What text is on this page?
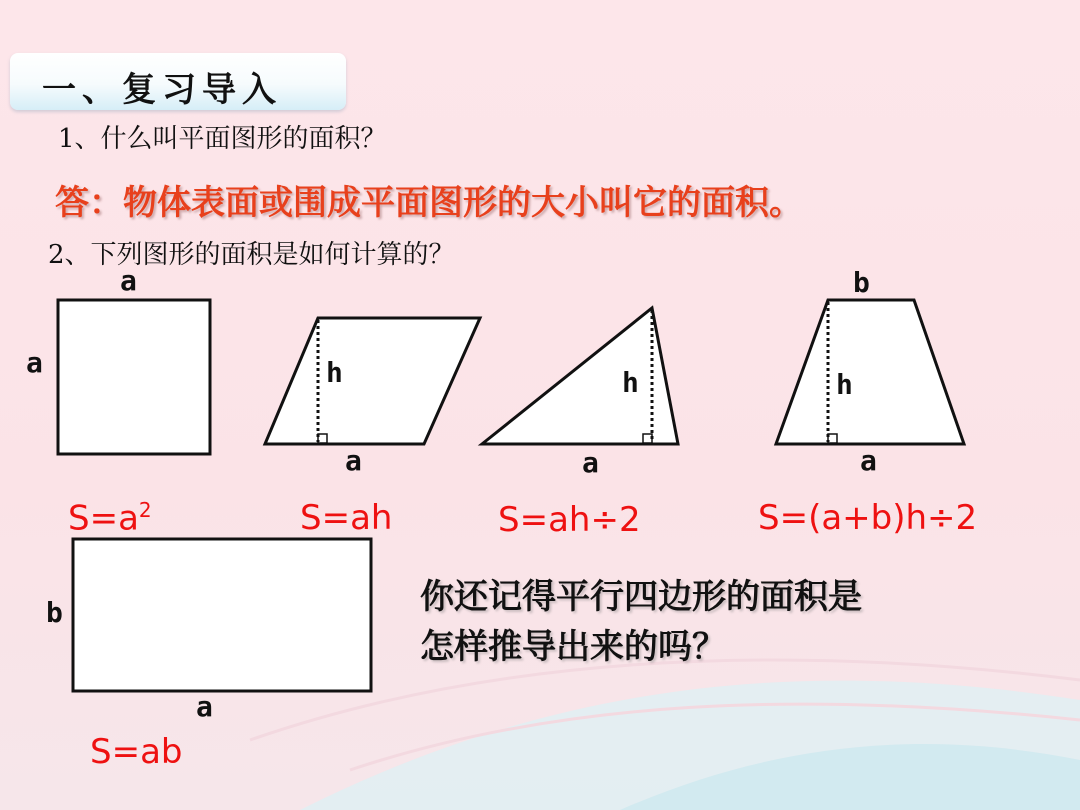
一、复习导入
1、什么叫平面图形的面积？
答：物体表面或围成平面图形的大小叫它的面积。
2、下列图形的面积是如何计算的？
a
a	h
a
h
a
b
h
a
b
a
$S=a^2$	S=ah	S=ah÷2	S=(a+b)h÷2
S=ab
你还记得平行四边形的面积是
怎样推导出来的吗？
